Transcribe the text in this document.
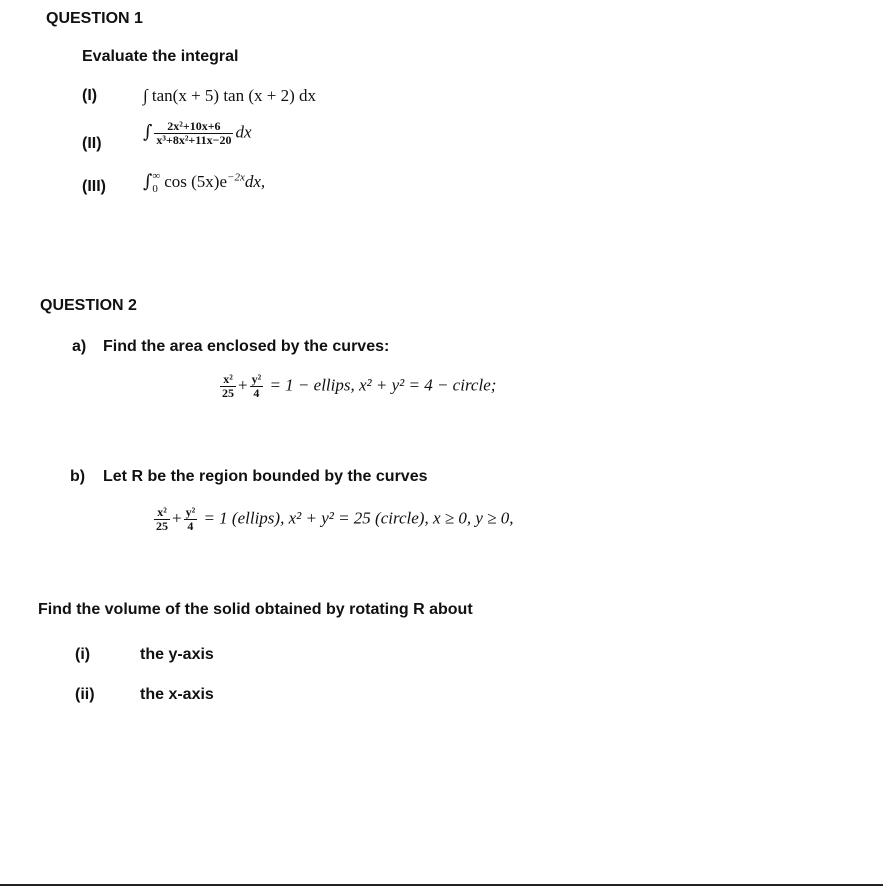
QUESTION 1
Evaluate the integral
(I)	∫ tan(x + 5) tan (x + 2) dx
(II)
∫ $\frac{\text{2x²+10x+6}}{\text{x³+8x²+11x−20}}$ dx
(III) ∫ ∞
0 $\cos (5x)e^{-2x}dx$,
QUESTION 2
a) Find the area enclosed by the curves:
$\frac{\text{x²}}{25} + \frac{\text{y²}}{4} = 1$ − ellips, x² + y² = 4 − circle;
b) Let R be the region bounded by the curves
$\frac{\text{x²}}{25} + \frac{\text{y²}}{4} = 1$ (ellips), x² + y² = 25 (circle), x ≥ 0, y ≥ 0,
Find the volume of the solid obtained by rotating R about
(i)	the y-axis
(ii)	the x-axis
